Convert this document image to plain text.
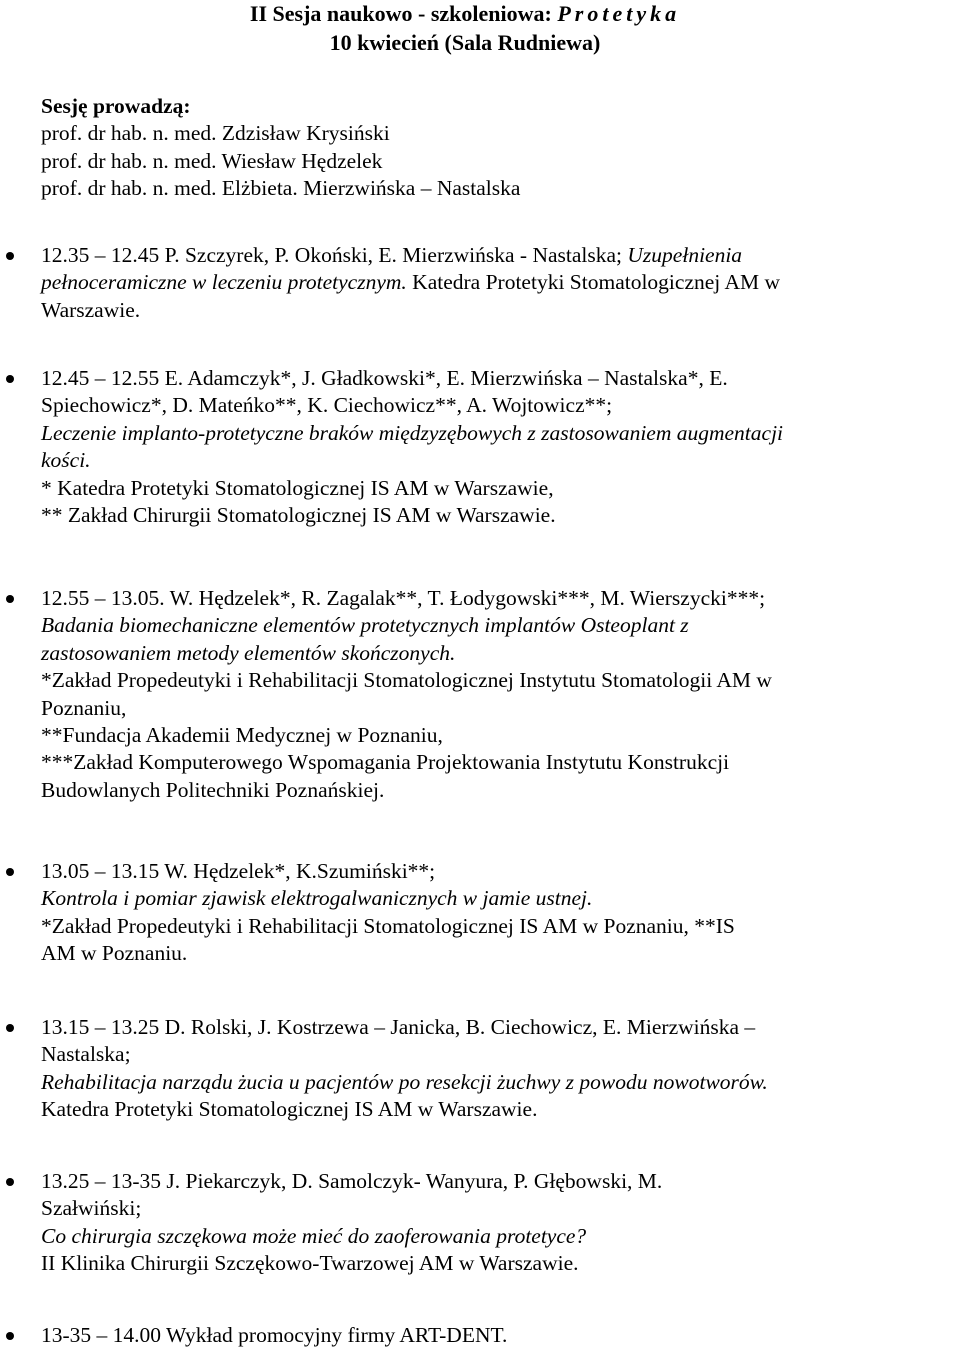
II Sesja naukowo - szkoleniowa: Protetyka
10 kwiecień (Sala Rudniewa)
Sesję prowadzą:
prof. dr hab. n. med. Zdzisław Krysiński
prof. dr hab. n. med. Wiesław Hędzelek
prof. dr hab. n. med. Elżbieta. Mierzwińska – Nastalska
12.35 – 12.45 P. Szczyrek, P. Okoński, E. Mierzwińska - Nastalska; Uzupełnienia
pełnoceramiczne w leczeniu protetycznym. Katedra Protetyki Stomatologicznej AM w
Warszawie.
12.45 – 12.55 E. Adamczyk*, J. Gładkowski*, E. Mierzwińska – Nastalska*, E.
Spiechowicz*, D. Mateńko**, K. Ciechowicz**, A. Wojtowicz**;
Leczenie implanto-protetyczne braków międzyzębowych z zastosowaniem augmentacji
kości.
* Katedra Protetyki Stomatologicznej IS AM w Warszawie,
** Zakład Chirurgii Stomatologicznej IS AM w Warszawie.
12.55 – 13.05. W. Hędzelek*, R. Zagalak**, T. Łodygowski***, M. Wierszycki***;
Badania biomechaniczne elementów protetycznych implantów Osteoplant z
zastosowaniem metody elementów skończonych.
*Zakład Propedeutyki i Rehabilitacji Stomatologicznej Instytutu Stomatologii AM w
Poznaniu,
**Fundacja Akademii Medycznej w Poznaniu,
***Zakład Komputerowego Wspomagania Projektowania Instytutu Konstrukcji
Budowlanych Politechniki Poznańskiej.
13.05 – 13.15 W. Hędzelek*, K.Szumiński**;
Kontrola i pomiar zjawisk elektrogalwanicznych w jamie ustnej.
*Zakład Propedeutyki i Rehabilitacji Stomatologicznej IS AM w Poznaniu, **IS
AM w Poznaniu.
13.15 – 13.25 D. Rolski, J. Kostrzewa – Janicka, B. Ciechowicz, E. Mierzwińska –
Nastalska;
Rehabilitacja narządu żucia u pacjentów po resekcji żuchwy z powodu nowotworów.
Katedra Protetyki Stomatologicznej IS AM w Warszawie.
13.25 – 13-35 J. Piekarczyk, D. Samolczyk- Wanyura, P. Głębowski, M.
Szałwiński;
Co chirurgia szczękowa może mieć do zaoferowania protetyce?
II Klinika Chirurgii Szczękowo-Twarzowej AM w Warszawie.
13-35 – 14.00 Wykład promocyjny firmy ART-DENT.
